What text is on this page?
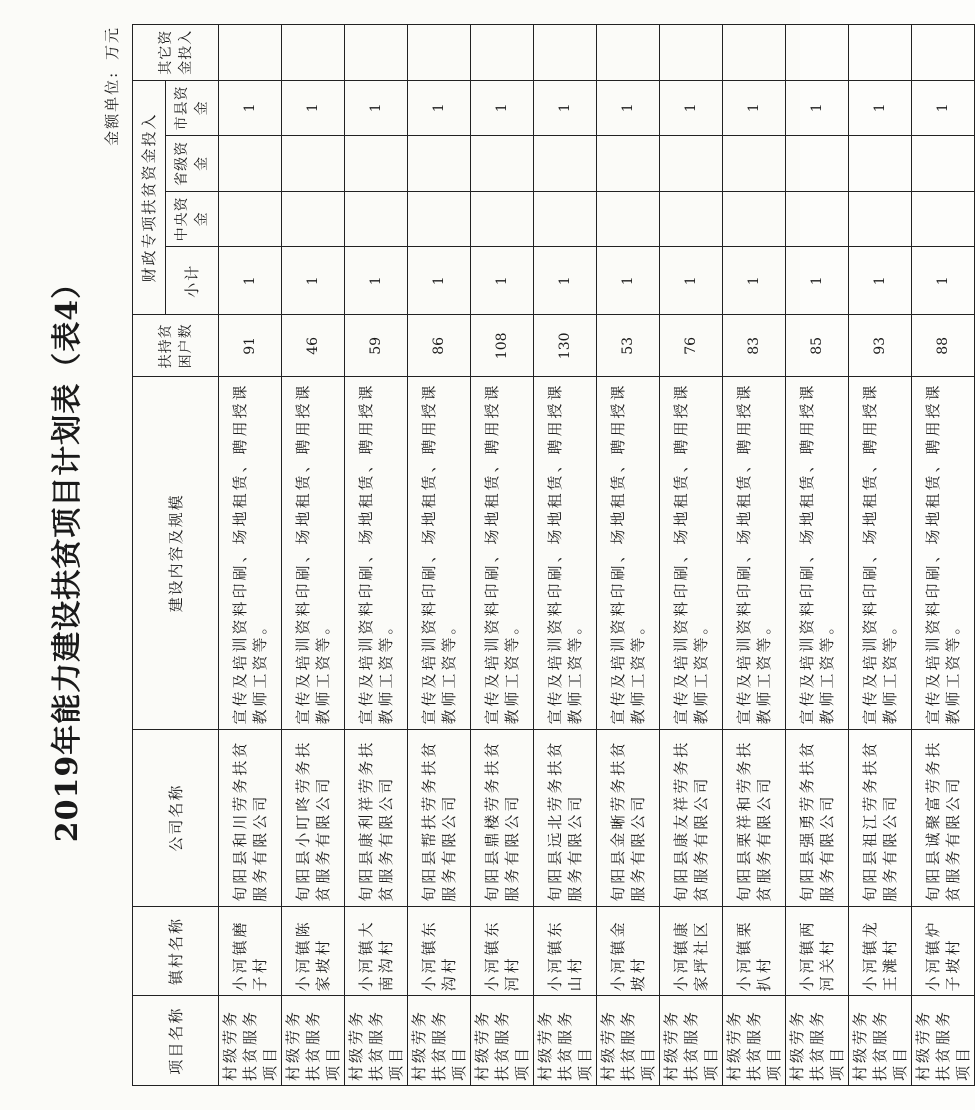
2019年能力建设扶贫项目计划表（表4）
金额单位: 万元
项目名称	镇村名称	公司名称	建设内容及规模	扶持贫困户数	财政专项扶贫资金投入				其它资金投入
					小计	中央资金	省级资金	市县资金	
村级劳务扶贫服务项目	小河镇磨子村	旬阳县和川劳务扶贫服务有限公司	宣传及培训资料印刷、场地租赁、聘用授课教师工资等。	91	1			1	
村级劳务扶贫服务项目	小河镇陈家坡村	旬阳县小叮咚劳务扶贫服务有限公司	宣传及培训资料印刷、场地租赁、聘用授课教师工资等。	46	1			1	
村级劳务扶贫服务项目	小河镇大南沟村	旬阳县康利祥劳务扶贫服务有限公司	宣传及培训资料印刷、场地租赁、聘用授课教师工资等。	59	1			1	
村级劳务扶贫服务项目	小河镇东沟村	旬阳县帮扶劳务扶贫服务有限公司	宣传及培训资料印刷、场地租赁、聘用授课教师工资等。	86	1			1	
村级劳务扶贫服务项目	小河镇东河村	旬阳县鼎楼劳务扶贫服务有限公司	宣传及培训资料印刷、场地租赁、聘用授课教师工资等。	108	1			1	
村级劳务扶贫服务项目	小河镇东山村	旬阳县远北劳务扶贫服务有限公司	宣传及培训资料印刷、场地租赁、聘用授课教师工资等。	130	1			1	
村级劳务扶贫服务项目	小河镇金坡村	旬阳县金晰劳务扶贫服务有限公司	宣传及培训资料印刷、场地租赁、聘用授课教师工资等。	53	1			1	
村级劳务扶贫服务项目	小河镇康家坪社区	旬阳县康友祥劳务扶贫服务有限公司	宣传及培训资料印刷、场地租赁、聘用授课教师工资等。	76	1			1	
村级劳务扶贫服务项目	小河镇栗扒村	旬阳县栗祥和劳务扶贫服务有限公司	宣传及培训资料印刷、场地租赁、聘用授课教师工资等。	83	1			1	
村级劳务扶贫服务项目	小河镇两河关村	旬阳县强勇劳务扶贫服务有限公司	宣传及培训资料印刷、场地租赁、聘用授课教师工资等。	85	1			1	
村级劳务扶贫服务项目	小河镇龙王滩村	旬阳县祖江劳务扶贫服务有限公司	宣传及培训资料印刷、场地租赁、聘用授课教师工资等。	93	1			1	
村级劳务扶贫服务项目	小河镇炉子坡村	旬阳县诚聚富劳务扶贫服务有限公司	宣传及培训资料印刷、场地租赁、聘用授课教师工资等。	88	1			1	
